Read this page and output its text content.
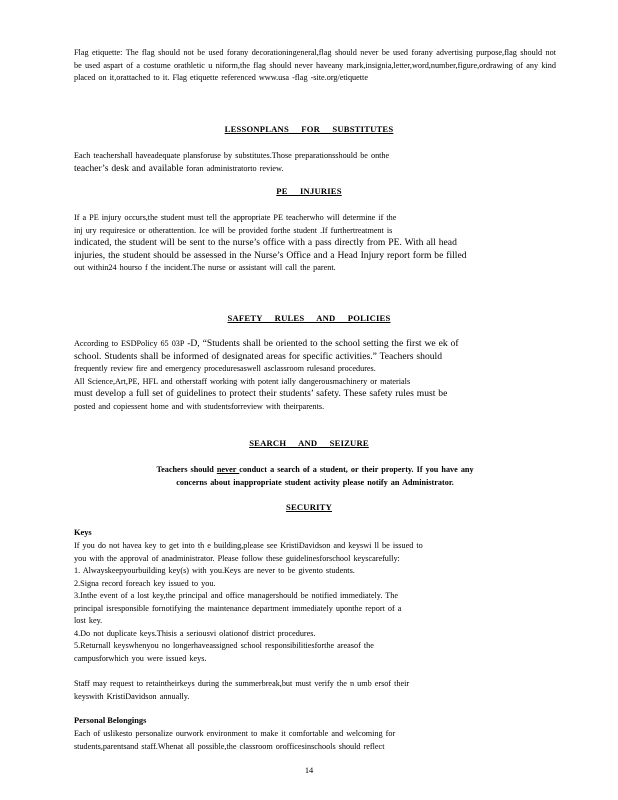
Flag etiquette: The flag should not be used forany decorationingeneral,flag should never be used forany advertising purpose,flag should not be used aspart of a costume orathletic u niform,the flag should never haveany mark,insignia,letter,word,number,figure,ordrawing of any kind placed on it,orattached to it. Flag etiquette referenced www.usa -flag -site.org/etiquette
LESSONPLANS FOR SUBSTITUTES
Each teachershall haveadequate plansforuse by substitutes.Those preparationsshould be onthe
teacher’s desk and available foran administratorto review.
PE INJURIES
If a PE injury occurs,the student must tell the appropriate PE teacherwho will determine if the
inj ury requiresice or otherattention. Ice will be provided forthe student .If furthertreatment is
indicated, the student will be sent to the nurse’s office with a pass directly from PE. With all head
injuries, the student should be assessed in the Nurse’s Office and a Head Injury report form be filled
out within24 hourso f the incident.The nurse or assistant will call the parent.
SAFETY RULES AND POLICIES
According to ESDPolicy 65 03P -D, “Students shall be oriented to the school setting the first we ek of
school. Students shall be informed of designated areas for specific activities.” Teachers should
frequently review fire and emergency proceduresaswell asclassroom rulesand procedures.
All Science,Art,PE, HFL and otherstaff working with potent ially dangerousmachinery or materials
must develop a full set of guidelines to protect their students’ safety. These safety rules must be
posted and copiessent home and with studentsforreview with theirparents.
SEARCH AND SEIZURE
Teachers should never conduct a search of a student, or their property. If you have any
concerns about inappropriate student activity please notify an Administrator.
SECURITY
Keys
If you do not havea key to get into th e building,please see KristiDavidson and keyswi ll be issued to
you with the approval of anadministrator. Please follow these guidelinesforschool keyscarefully:
1. Alwayskeepyourbuilding key(s) with you.Keys are never to be givento students.
2.Signa record foreach key issued to you.
3.Inthe event of a lost key,the principal and office managershould be notified immediately. The
principal isresponsible fornotifying the maintenance department immediately uponthe report of a
lost key.
4.Do not duplicate keys.Thisis a seriousvi olationof district procedures.
5.Returnall keyswhenyou no longerhaveassigned school responsibilitiesforthe areasof the
campusforwhich you were issued keys.
Staff may request to retaintheirkeys during the summerbreak,but must verify the n umb ersof their
keyswith KristiDavidson annually.
Personal Belongings
Each of uslikesto personalize ourwork environment to make it comfortable and welcoming for
students,parentsand staff.Whenat all possible,the classroom orofficesinschools should reflect
14
